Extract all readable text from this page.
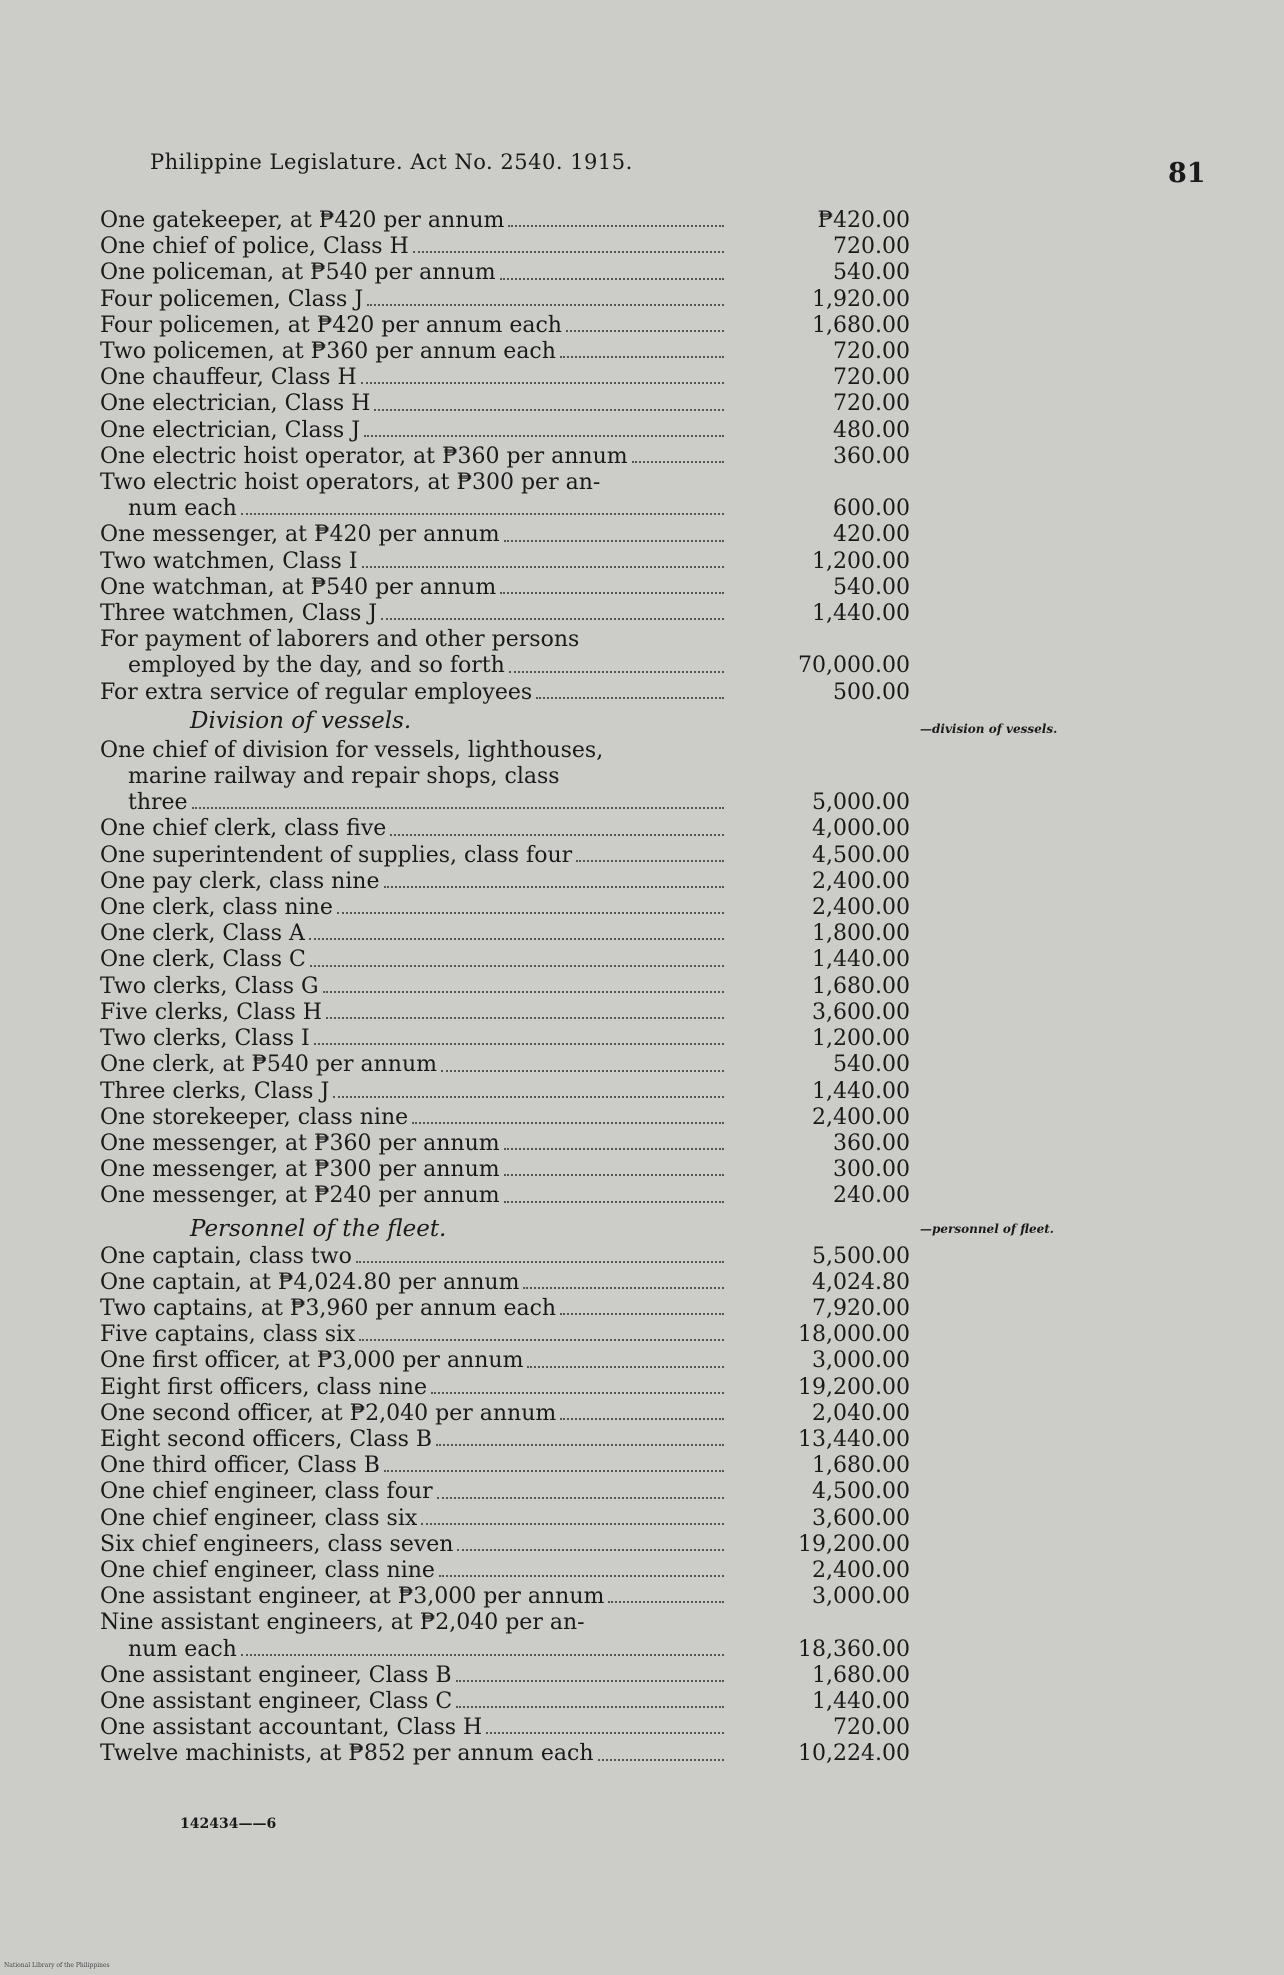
Philippine Legislature. Act No. 2540. 1915.	81
One gatekeeper, at ₱420 per annum	₱420.00
One chief of police, Class H	720.00
One policeman, at ₱540 per annum	540.00
Four policemen, Class J	1,920.00
Four policemen, at ₱420 per annum each	1,680.00
Two policemen, at ₱360 per annum each	720.00
One chauffeur, Class H	720.00
One electrician, Class H	720.00
One electrician, Class J	480.00
One electric hoist operator, at ₱360 per annum	360.00
Two electric hoist operators, at ₱300 per an-
num each	600.00
One messenger, at ₱420 per annum	420.00
Two watchmen, Class I	1,200.00
One watchman, at ₱540 per annum	540.00
Three watchmen, Class J	1,440.00
For payment of laborers and other persons
employed by the day, and so forth	70,000.00
For extra service of regular employees	500.00
Division of vessels.	—division of vessels.
One chief of division for vessels, lighthouses,
marine railway and repair shops, class
three	5,000.00
One chief clerk, class five	4,000.00
One superintendent of supplies, class four	4,500.00
One pay clerk, class nine	2,400.00
One clerk, class nine	2,400.00
One clerk, Class A	1,800.00
One clerk, Class C	1,440.00
Two clerks, Class G	1,680.00
Five clerks, Class H	3,600.00
Two clerks, Class I	1,200.00
One clerk, at ₱540 per annum	540.00
Three clerks, Class J	1,440.00
One storekeeper, class nine	2,400.00
One messenger, at ₱360 per annum	360.00
One messenger, at ₱300 per annum	300.00
One messenger, at ₱240 per annum	240.00
Personnel of the fleet.	—personnel of fleet.
One captain, class two	5,500.00
One captain, at ₱4,024.80 per annum	4,024.80
Two captains, at ₱3,960 per annum each	7,920.00
Five captains, class six	18,000.00
One first officer, at ₱3,000 per annum	3,000.00
Eight first officers, class nine	19,200.00
One second officer, at ₱2,040 per annum	2,040.00
Eight second officers, Class B	13,440.00
One third officer, Class B	1,680.00
One chief engineer, class four	4,500.00
One chief engineer, class six	3,600.00
Six chief engineers, class seven	19,200.00
One chief engineer, class nine	2,400.00
One assistant engineer, at ₱3,000 per annum	3,000.00
Nine assistant engineers, at ₱2,040 per an-
num each	18,360.00
One assistant engineer, Class B	1,680.00
One assistant engineer, Class C	1,440.00
One assistant accountant, Class H	720.00
Twelve machinists, at ₱852 per annum each	10,224.00
142434——6
National Library of the Philippines
